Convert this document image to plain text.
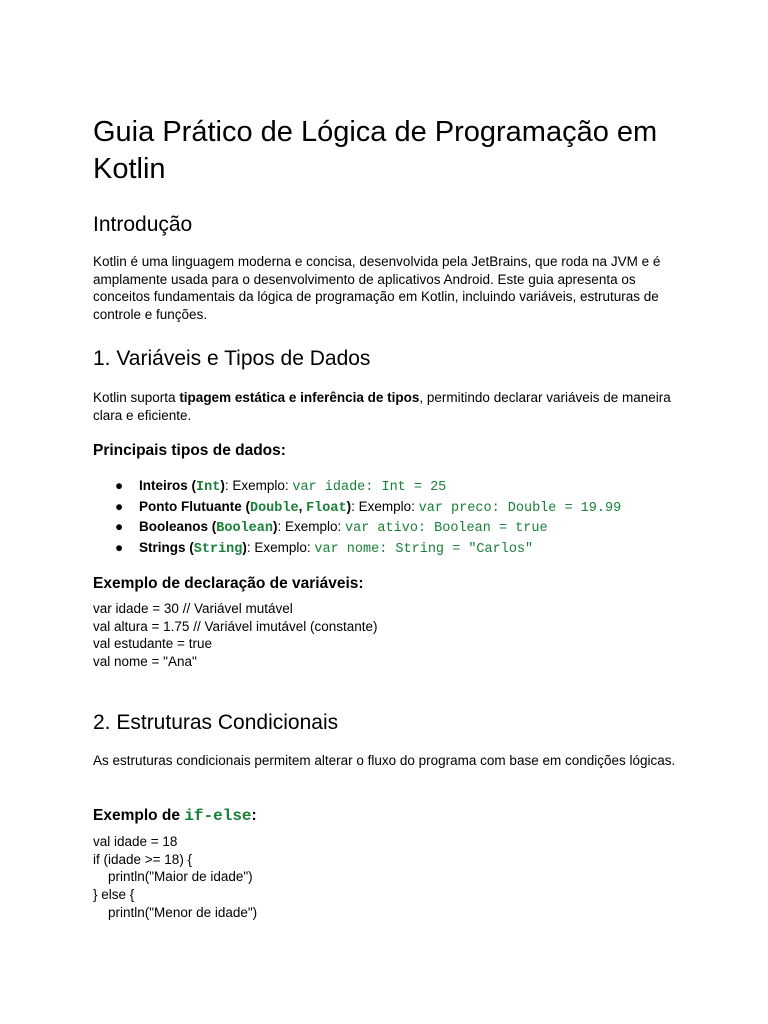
Guia Prático de Lógica de Programação em Kotlin
Introdução

Kotlin é uma linguagem moderna e concisa, desenvolvida pela JetBrains, que roda na JVM e é amplamente usada para o desenvolvimento de aplicativos Android. Este guia apresenta os conceitos fundamentais da lógica de programação em Kotlin, incluindo variáveis, estruturas de controle e funções.

1. Variáveis e Tipos de Dados

Kotlin suporta tipagem estática e inferência de tipos, permitindo declarar variáveis de maneira clara e eficiente.

Principais tipos de dados:
● Inteiros (Int): Exemplo: var idade: Int = 25
● Ponto Flutuante (Double, Float): Exemplo: var preco: Double = 19.99
● Booleanos (Boolean): Exemplo: var ativo: Boolean = true
● Strings (String): Exemplo: var nome: String = "Carlos"
Exemplo de declaração de variáveis:
var idade = 30 // Variável mutável
val altura = 1.75 // Variável imutável (constante)
val estudante = true
val nome = "Ana"
2. Estruturas Condicionais

As estruturas condicionais permitem alterar o fluxo do programa com base em condições lógicas.

Exemplo de if-else:
val idade = 18
if (idade >= 18) {
println("Maior de idade")
} else {
println("Menor de idade")
